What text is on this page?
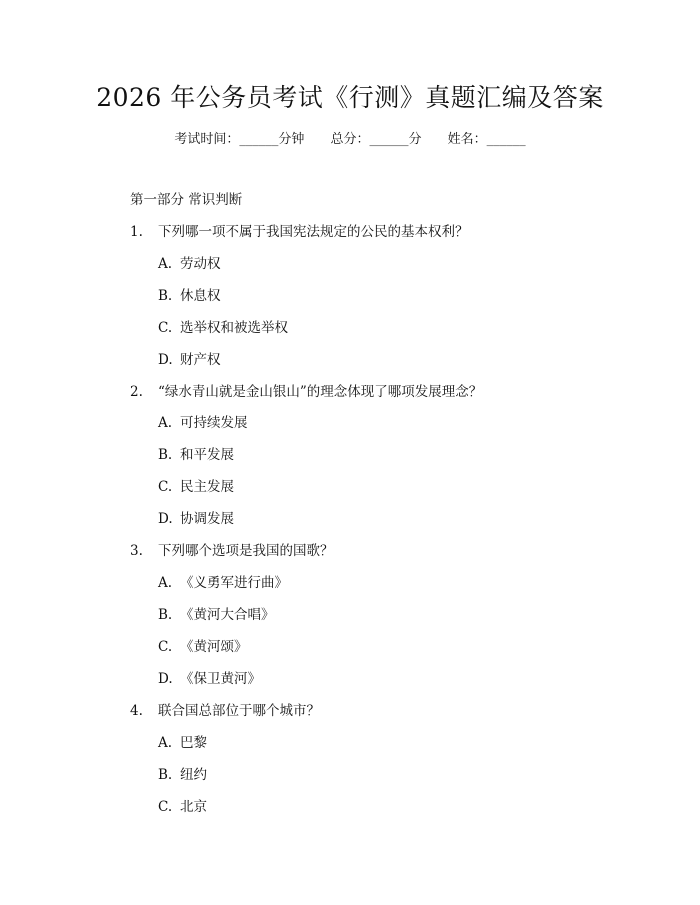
2026 年公务员考试《行测》真题汇编及答案
考试时间：______分钟 总分：______分 姓名：______
第一部分 常识判断
1. 下列哪一项不属于我国宪法规定的公民的基本权利？
A. 劳动权
B. 休息权
C. 选举权和被选举权
D. 财产权
2. “绿水青山就是金山银山”的理念体现了哪项发展理念？
A. 可持续发展
B. 和平发展
C. 民主发展
D. 协调发展
3. 下列哪个选项是我国的国歌？
A. 《义勇军进行曲》
B. 《黄河大合唱》
C. 《黄河颂》
D. 《保卫黄河》
4. 联合国总部位于哪个城市？
A. 巴黎
B. 纽约
C. 北京
